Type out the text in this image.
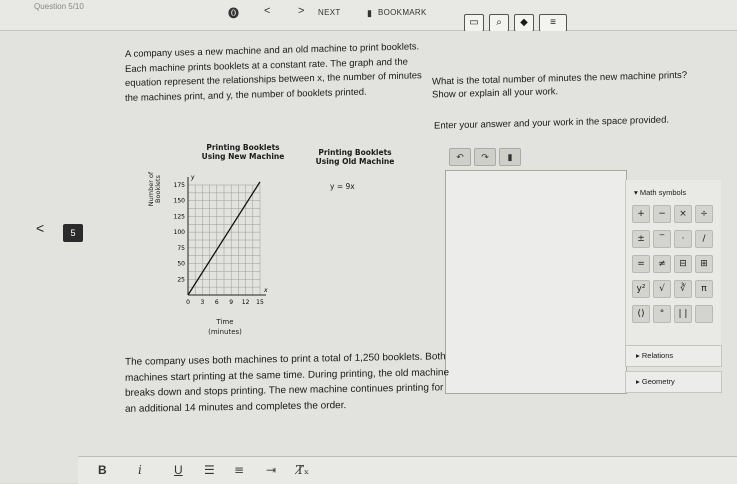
Question 5/10
⓿ <	> NEXT	▮ BOOKMARK
▭	⌕	◆	≡
A company uses a new machine and an old machine to print booklets. Each machine prints booklets at a constant rate. The graph and the equation represent the relationships between x, the number of minutes the machines print, and y, the number of booklets printed.
What is the total number of minutes the new machine prints? Show or explain all your work.
Enter your answer and your work in the space provided.
<	5
Printing Booklets Using New Machine
Number of Booklets
0 3 6 9 12 15
25
50
75
100
125
150
175
x
y
Time
(minutes)
Printing Booklets Using Old Machine
y = 9x
↶	↷	▮
▾ Math symbols
+	−	×	÷
±	‾	·	/
=	≠	⊟	⊞
y²	√	∛	π
()	°	| |
▸ Relations
▸ Geometry
The company uses both machines to print a total of 1,250 booklets. Both machines start printing at the same time. During printing, the old machine breaks down and stops printing. The new machine continues printing for an additional 14 minutes and completes the order.
B	i	U ☰ ≡ ⇥ T̸ₓ
